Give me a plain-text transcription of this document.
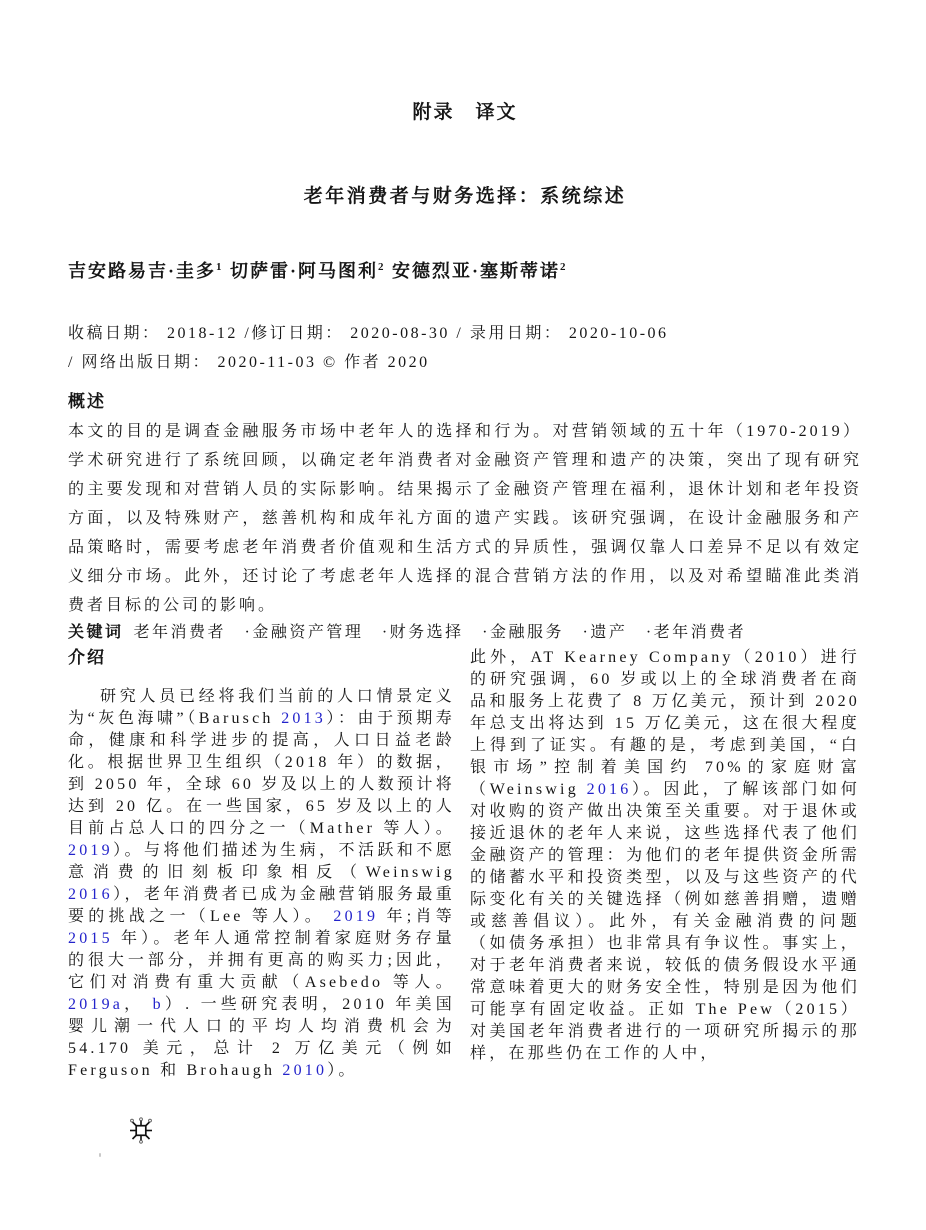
附录　译文
老年消费者与财务选择：系统综述
吉安路易吉·圭多$^1$ 切萨雷·阿马图利$^2$ 安德烈亚·塞斯蒂诺$^2$
收稿日期： 2018-12 /修订日期： 2020-08-30 / 录用日期： 2020-10-06
/ 网络出版日期： 2020-11-03 © 作者 2020
概述
本文的目的是调查金融服务市场中老年人的选择和行为。对营销领域的五十年（1970-2019）学术研究进行了系统回顾，以确定老年消费者对金融资产管理和遗产的决策，突出了现有研究的主要发现和对营销人员的实际影响。结果揭示了金融资产管理在福利，退休计划和老年投资方面，以及特殊财产，慈善机构和成年礼方面的遗产实践。该研究强调，在设计金融服务和产品策略时，需要考虑老年消费者价值观和生活方式的异质性，强调仅靠人口差异不足以有效定义细分市场。此外，还讨论了考虑老年人选择的混合营销方法的作用，以及对希望瞄准此类消费者目标的公司的影响。
关键词 老年消费者　·金融资产管理　·财务选择　·金融服务　·遗产　·老年消费者
介绍
研究人员已经将我们当前的人口情景定义为“灰色海啸”（Barusch 2013）：由于预期寿命，健康和科学进步的提高，人口日益老龄化。根据世界卫生组织（2018 年）的数据，到 2050 年，全球 60 岁及以上的人数预计将达到 20 亿。在一些国家，65 岁及以上的人目前占总人口的四分之一（Mather 等人）。2019）。与将他们描述为生病，不活跃和不愿意消费的旧刻板印象相反（Weinswig 2016），老年消费者已成为金融营销服务最重要的挑战之一（Lee 等人）。 2019 年;肖等 2015 年）。老年人通常控制着家庭财务存量的很大一部分，并拥有更高的购买力;因此，它们对消费有重大贡献（Asebedo 等人。 2019a， b）. 一些研究表明，2010 年美国婴儿潮一代人口的平均人均消费机会为 54.170 美元，总计 2 万亿美元（例如 Ferguson 和 Brohaugh 2010）。
此外，AT Kearney Company（2010）进行的研究强调，60 岁或以上的全球消费者在商品和服务上花费了 8 万亿美元，预计到 2020 年总支出将达到 15 万亿美元，这在很大程度上得到了证实。有趣的是，考虑到美国，“白银市场”控制着美国约 70%的家庭财富（Weinswig 2016）。因此，了解该部门如何对收购的资产做出决策至关重要。对于退休或接近退休的老年人来说，这些选择代表了他们金融资产的管理：为他们的老年提供资金所需的储蓄水平和投资类型，以及与这些资产的代际变化有关的关键选择（例如慈善捐赠，遗赠或慈善倡议）。此外，有关金融消费的问题（如债务承担）也非常具有争议性。事实上，对于老年消费者来说，较低的债务假设水平通常意味着更大的财务安全性，特别是因为他们可能享有固定收益。正如 The Pew（2015）对美国老年消费者进行的一项研究所揭示的那样，在那些仍在工作的人中，
